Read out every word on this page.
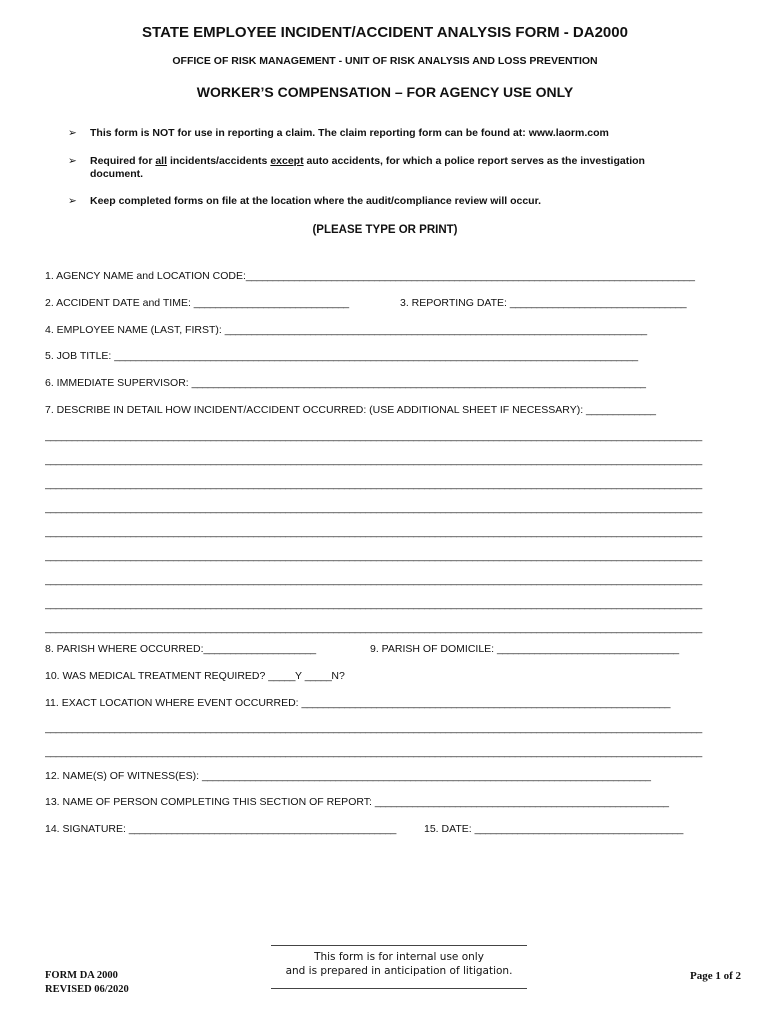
STATE EMPLOYEE INCIDENT/ACCIDENT ANALYSIS FORM - DA2000
OFFICE OF RISK MANAGEMENT - UNIT OF RISK ANALYSIS AND LOSS PREVENTION
WORKER’S COMPENSATION – FOR AGENCY USE ONLY
➢ This form is NOT for use in reporting a claim. The claim reporting form can be found at: www.laorm.com
➢ Required for all incidents/accidents except auto accidents, for which a police report serves as the investigation document.
➢ Keep completed forms on file at the location where the audit/compliance review will occur.
(PLEASE TYPE OR PRINT)
1. AGENCY NAME and LOCATION CODE:____________________________________________________________________________________
2. ACCIDENT DATE and TIME: _____________________________	3. REPORTING DATE: _________________________________
4. EMPLOYEE NAME (LAST, FIRST): _______________________________________________________________________________
5. JOB TITLE: __________________________________________________________________________________________________
6. IMMEDIATE SUPERVISOR: _____________________________________________________________________________________
7. DESCRIBE IN DETAIL HOW INCIDENT/ACCIDENT OCCURRED: (USE ADDITIONAL SHEET IF NECESSARY): _____________
___________________________________________________________________________________________________________________________
___________________________________________________________________________________________________________________________
___________________________________________________________________________________________________________________________
___________________________________________________________________________________________________________________________
___________________________________________________________________________________________________________________________
___________________________________________________________________________________________________________________________
___________________________________________________________________________________________________________________________
___________________________________________________________________________________________________________________________
___________________________________________________________________________________________________________________________
8. PARISH WHERE OCCURRED:_____________________	9. PARISH OF DOMICILE: __________________________________
10. WAS MEDICAL TREATMENT REQUIRED? _____Y _____N?
11. EXACT LOCATION WHERE EVENT OCCURRED: _____________________________________________________________________
___________________________________________________________________________________________________________________________
___________________________________________________________________________________________________________________________
12. NAME(S) OF WITNESS(ES): ____________________________________________________________________________________
13. NAME OF PERSON COMPLETING THIS SECTION OF REPORT: _______________________________________________________
14. SIGNATURE: __________________________________________________	15. DATE: _______________________________________
This form is for internal use only
and is prepared in anticipation of litigation.
FORM DA 2000
REVISED 06/2020
Page 1 of 2
